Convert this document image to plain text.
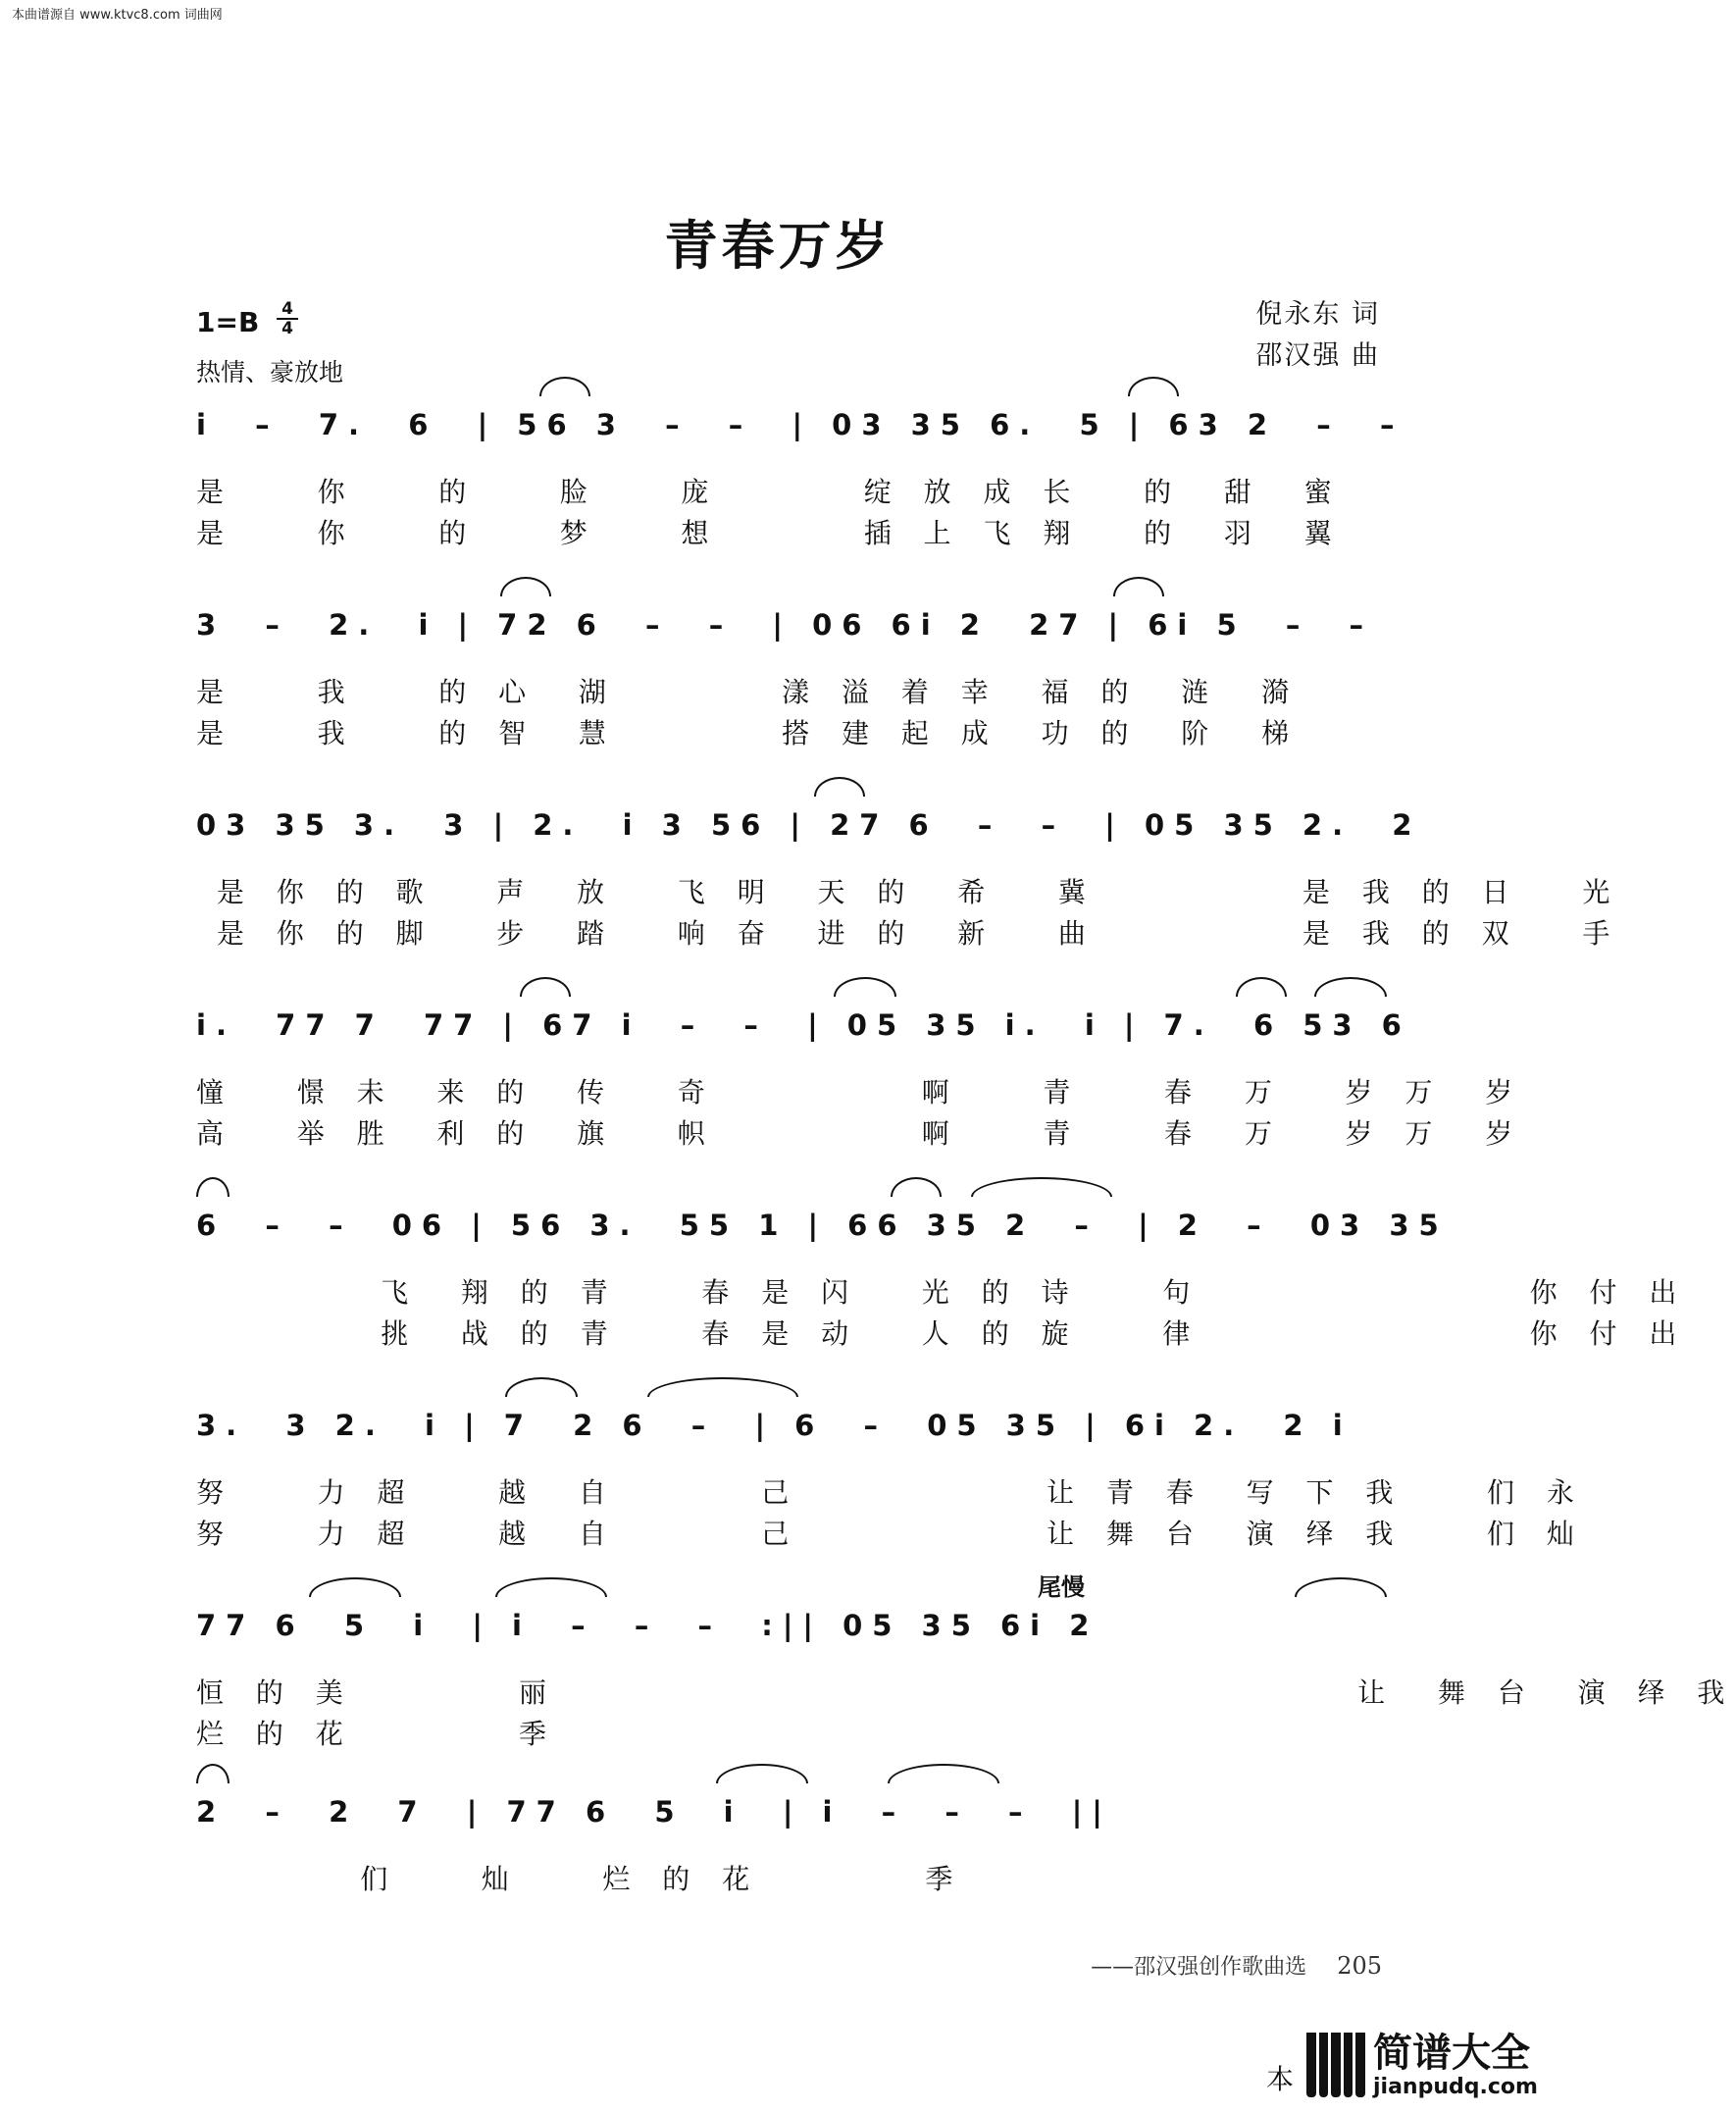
本曲谱源自 www.ktvc8.com 词曲网
青春万岁
1=B 4
4
热情、豪放地
倪永东 词
邵汉强 曲
i  –  7.  6  | 56 3  –  –  | 03 35 6.  5 | 63 2  –  –
是    你    的    脸    庞       绽 放 成 长   的  甜  蜜
是    你    的    梦    想       插 上 飞 翔   的  羽  翼
3  –  2.  i | 72 6  –  –  | 06 6i 2  27 | 6i 5  –  –
是    我    的 心  湖        漾 溢 着 幸  福 的  涟  漪
是    我    的 智  慧        搭 建 起 成  功 的  阶  梯
03 35 3.  3 | 2.  i 3 56 | 27 6  –  –  | 05 35 2.  2
是 你 的 歌   声  放   飞 明  天 的  希   冀          是 我 的 日   光
是 你 的 脚   步  踏   响 奋  进 的  新   曲          是 我 的 双   手
i.  77 7  77 | 67 i  –  –  | 05 35 i.  i | 7.  6 53 6
憧   憬 未  来 的  传   奇          啊    青    春  万   岁 万  岁
高   举 胜  利 的  旗   帜          啊    青    春  万   岁 万  岁
6  –  –  06 | 56 3.  55 1 | 66 35 2  –  | 2  –  03 35
飞  翔 的 青    春 是 闪   光 的 诗    句                你 付 出
挑  战 的 青    春 是 动   人 的 旋    律                你 付 出
3.  3 2.  i | 7  2 6  –  | 6  –  05 35 | 6i 2.  2 i
努    力 超    越  自       己            让 青 春  写 下 我    们 永
努    力 超    越  自       己            让 舞 台  演 绎 我    们 灿
尾慢
77 6  5  i  | i  –  –  –  :|| 05 35 6i 2
恒 的 美        丽                                       让  舞 台  演 绎 我
烂 的 花        季
2  –  2  7  | 77 6  5  i  | i  –  –  –  ||
们    灿    烂 的 花        季
——邵汉强创作歌曲选 205
本
简谱大全
jianpudq.com
